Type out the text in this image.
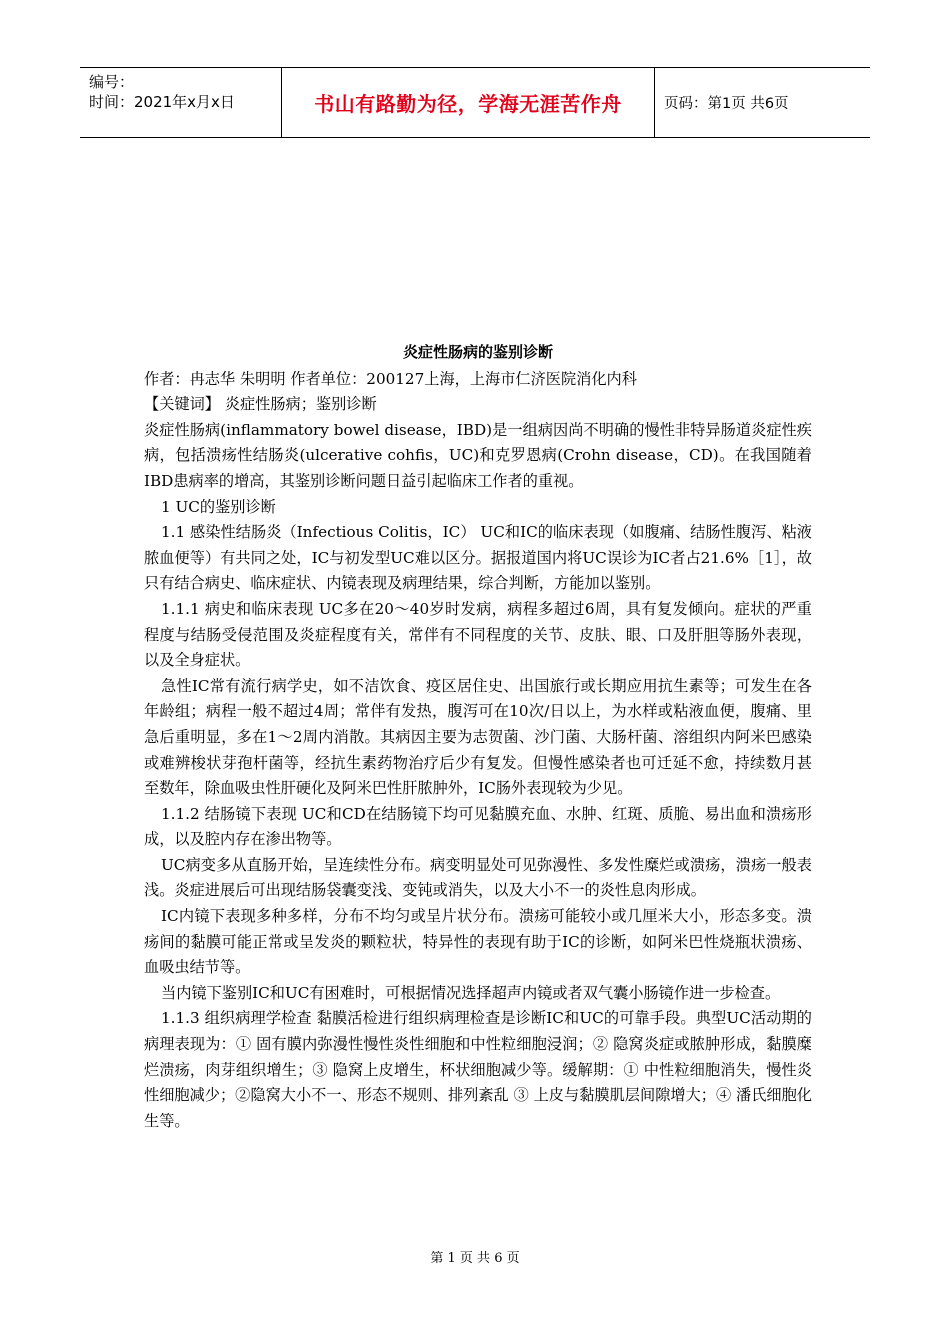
编号：
时间：2021年x月x日	书山有路勤为径，学海无涯苦作舟	页码：第1页 共6页
炎症性肠病的鉴别诊断

作者：冉志华 朱明明 作者单位：200127上海，上海市仁济医院消化内科

【关键词】 炎症性肠病；鉴别诊断

炎症性肠病(inflammatory bowel disease，IBD)是一组病因尚不明确的慢性非特异肠道炎症性疾病，包括溃疡性结肠炎(ulcerative cohfis，UC)和克罗恩病(Crohn disease，CD)。在我国随着IBD患病率的增高，其鉴别诊断问题日益引起临床工作者的重视。

1 UC的鉴别诊断

1.1 感染性结肠炎（Infectious Colitis，IC） UC和IC的临床表现（如腹痛、结肠性腹泻、粘液脓血便等）有共同之处，IC与初发型UC难以区分。据报道国内将UC误诊为IC者占21.6%［1］，故只有结合病史、临床症状、内镜表现及病理结果，综合判断，方能加以鉴别。

1.1.1 病史和临床表现 UC多在20～40岁时发病，病程多超过6周，具有复发倾向。症状的严重程度与结肠受侵范围及炎症程度有关，常伴有不同程度的关节、皮肤、眼、口及肝胆等肠外表现，以及全身症状。

急性IC常有流行病学史，如不洁饮食、疫区居住史、出国旅行或长期应用抗生素等；可发生在各年龄组；病程一般不超过4周；常伴有发热，腹泻可在10次/日以上，为水样或粘液血便，腹痛、里急后重明显，多在1～2周内消散。其病因主要为志贺菌、沙门菌、大肠杆菌、溶组织内阿米巴感染或难辨梭状芽孢杆菌等，经抗生素药物治疗后少有复发。但慢性感染者也可迁延不愈，持续数月甚至数年，除血吸虫性肝硬化及阿米巴性肝脓肿外，IC肠外表现较为少见。

1.1.2 结肠镜下表现 UC和CD在结肠镜下均可见黏膜充血、水肿、红斑、质脆、易出血和溃疡形成，以及腔内存在渗出物等。

UC病变多从直肠开始，呈连续性分布。病变明显处可见弥漫性、多发性糜烂或溃疡，溃疡一般表浅。炎症进展后可出现结肠袋囊变浅、变钝或消失，以及大小不一的炎性息肉形成。

IC内镜下表现多种多样，分布不均匀或呈片状分布。溃疡可能较小或几厘米大小，形态多变。溃疡间的黏膜可能正常或呈发炎的颗粒状，特异性的表现有助于IC的诊断，如阿米巴性烧瓶状溃疡、血吸虫结节等。

当内镜下鉴别IC和UC有困难时，可根据情况选择超声内镜或者双气囊小肠镜作进一步检查。

1.1.3 组织病理学检查 黏膜活检进行组织病理检查是诊断IC和UC的可靠手段。典型UC活动期的病理表现为：① 固有膜内弥漫性慢性炎性细胞和中性粒细胞浸润；② 隐窝炎症或脓肿形成，黏膜糜烂溃疡，肉芽组织增生；③ 隐窝上皮增生，杯状细胞减少等。缓解期：① 中性粒细胞消失，慢性炎性细胞减少；②隐窝大小不一、形态不规则、排列紊乱 ③ 上皮与黏膜肌层间隙增大；④ 潘氏细胞化生等。

第 1 页 共 6 页
